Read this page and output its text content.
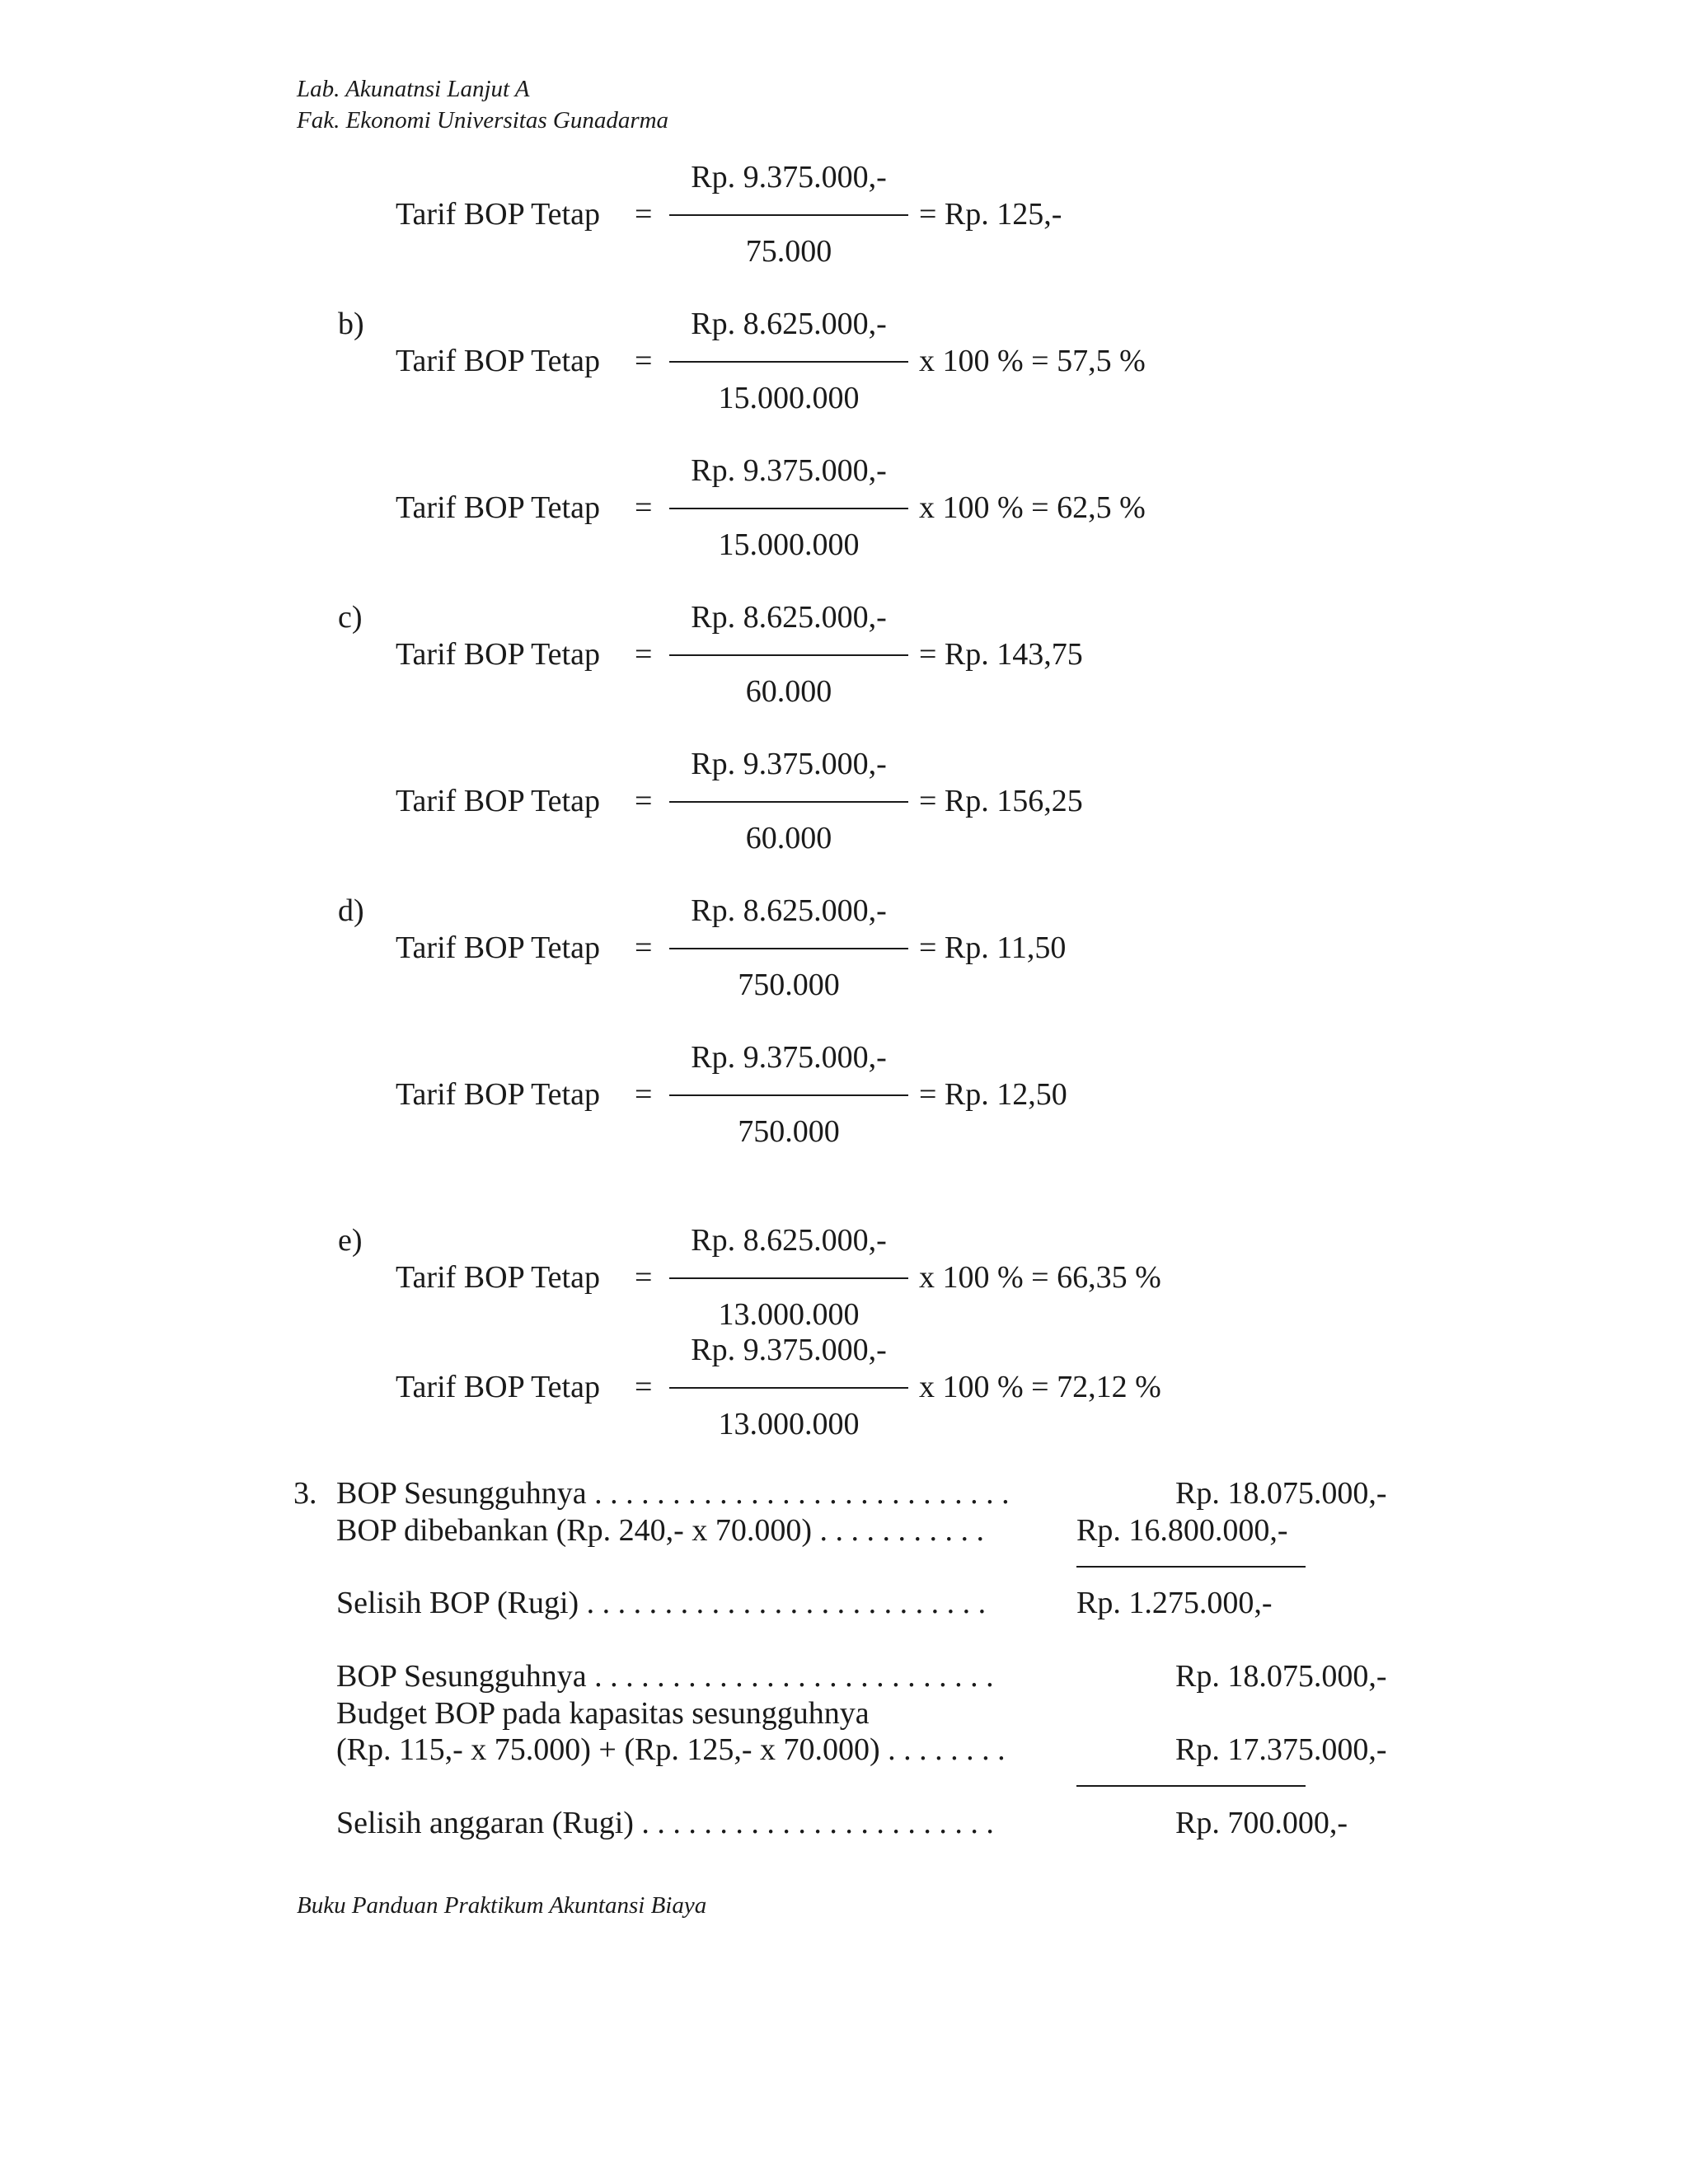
Lab. Akunatnsi Lanjut A
Fak. Ekonomi Universitas Gunadarma
Rp. 9.375.000,-
Tarif BOP Tetap =	= Rp. 125,-
75.000
b)	Rp. 8.625.000,-
Tarif BOP Tetap =	x 100 % = 57,5 %
15.000.000
Rp. 9.375.000,-
Tarif BOP Tetap =	x 100 % = 62,5 %
15.000.000
c)	Rp. 8.625.000,-
Tarif BOP Tetap =	= Rp. 143,75
60.000
Rp. 9.375.000,-
Tarif BOP Tetap =	= Rp. 156,25
60.000
d)	Rp. 8.625.000,-
Tarif BOP Tetap =	= Rp. 11,50
750.000
Rp. 9.375.000,-
Tarif BOP Tetap =	= Rp. 12,50
750.000
e)	Rp. 8.625.000,-
Tarif BOP Tetap =	x 100 % = 66,35 %
13.000.000
Rp. 9.375.000,-
Tarif BOP Tetap =	x 100 % = 72,12 %
13.000.000
3. BOP Sesungguhnya . . . . . . . . . . . . . . . . . . . . . . . . . . .	Rp. 18.075.000,-
BOP dibebankan (Rp. 240,- x 70.000) . . . . . . . . . . .	Rp. 16.800.000,-
Selisih BOP (Rugi) . . . . . . . . . . . . . . . . . . . . . . . . . .	Rp. 1.275.000,-
BOP Sesungguhnya . . . . . . . . . . . . . . . . . . . . . . . . . .	Rp. 18.075.000,-
Budget BOP pada kapasitas sesungguhnya
(Rp. 115,- x 75.000) + (Rp. 125,- x 70.000) . . . . . . . .	Rp. 17.375.000,-
Selisih anggaran (Rugi) . . . . . . . . . . . . . . . . . . . . . . .	Rp. 700.000,-
Buku Panduan Praktikum Akuntansi Biaya
